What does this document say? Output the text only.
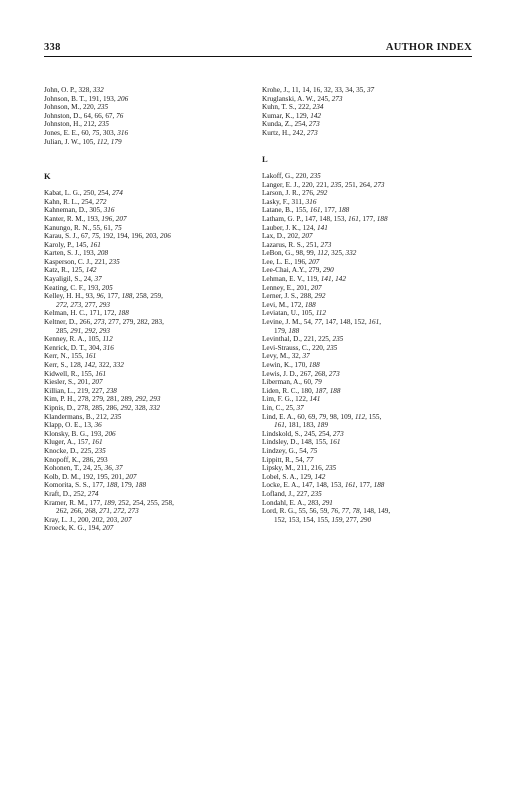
338	AUTHOR INDEX
John, O. P., 328, 332
Johnson, B. T., 191, 193, 206
Johnson, M., 220, 235
Johnston, D., 64, 66, 67, 76
Johnston, H., 212, 235
Jones, E. E., 60, 75, 303, 316
Julian, J. W., 105, 112, 179

K

Kabat, L. G., 250, 254, 274
Kahn, R. L., 254, 272
Kahneman, D., 305, 316
Kanter, R. M., 193, 196, 207
Kanungo, R. N., 55, 61, 75
Karau, S. J., 67, 75, 192, 194, 196, 203, 206
Karoly, P., 145, 161
Karten, S. J., 193, 208
Kasperson, C. J., 221, 235
Katz, R., 125, 142
Kayaligil, S., 24, 37
Keating, C. F., 193, 205
Kelley, H. H., 93, 96, 177, 188, 258, 259,
272, 273, 277, 293
Kelman, H. C., 171, 172, 188
Keltner, D., 266, 273, 277, 279, 282, 283,
285, 291, 292, 293
Kenney, R. A., 105, 112
Kenrick, D. T., 304, 316
Kerr, N., 155, 161
Kerr, S., 128, 142, 322, 332
Kidwell, R., 155, 161
Kiesler, S., 201, 207
Killian, L., 219, 227, 238
Kim, P. H., 278, 279, 281, 289, 292, 293
Kipnis, D., 278, 285, 286, 292, 328, 332
Klandermans, B., 212, 235
Klapp, O. E., 13, 36
Klonsky, B. G., 193, 206
Kluger, A., 157, 161
Knocke, D., 225, 235
Knopoff, K., 286, 293
Kohonen, T., 24, 25, 36, 37
Kolb, D. M., 192, 195, 201, 207
Komorita, S. S., 177, 188, 179, 188
Kraft, D., 252, 274
Kramer, R. M., 177, 189, 252, 254, 255, 258,
262, 266, 268, 271, 272, 273
Kray, L. J., 200, 202, 203, 207
Kroeck, K. G., 194, 207
Krohe, J., 11, 14, 16, 32, 33, 34, 35, 37
Kruglanski, A. W., 245, 273
Kuhn, T. S., 222, 234
Kumar, K., 129, 142
Kunda, Z., 254, 273
Kurtz, H., 242, 273

L

Lakoff, G., 220, 235
Langer, E. J., 220, 221, 235, 251, 264, 273
Larson, J. R., 276, 292
Lasky, F., 311, 316
Latane, B., 155, 161, 177, 188
Latham, G. P., 147, 148, 153, 161, 177, 188
Lauber, J. K., 124, 141
Lax, D., 202, 207
Lazarus, R. S., 251, 273
LeBon, G., 98, 99, 112, 325, 332
Lee, L. E., 196, 207
Lee-Chai, A.Y., 279, 290
Lehman, E. V., 119, 141, 142
Lenney, E., 201, 207
Lerner, J. S., 288, 292
Levi, M., 172, 188
Leviatan, U., 105, 112
Levine, J. M., 54, 77, 147, 148, 152, 161,
179, 188
Levinthal, D., 221, 225, 235
Levi-Strauss, C., 220, 235
Levy, M., 32, 37
Lewin, K., 170, 188
Lewis, J. D., 267, 268, 273
Liberman, A., 60, 79
Liden, R. C., 180, 187, 188
Lim, F. G., 122, 141
Lin, C., 25, 37
Lind, E. A., 60, 69, 79, 98, 109, 112, 155,
161, 181, 183, 189
Lindskold, S., 245, 254, 273
Lindsley, D., 148, 155, 161
Lindzey, G., 54, 75
Lippitt, R., 54, 77
Lipsky, M., 211, 216, 235
Lobel, S. A., 129, 142
Locke, E. A., 147, 148, 153, 161, 177, 188
Lofland, J., 227, 235
Londahl, E. A., 283, 291
Lord, R. G., 55, 56, 59, 76, 77, 78, 148, 149,
152, 153, 154, 155, 159, 277, 290
